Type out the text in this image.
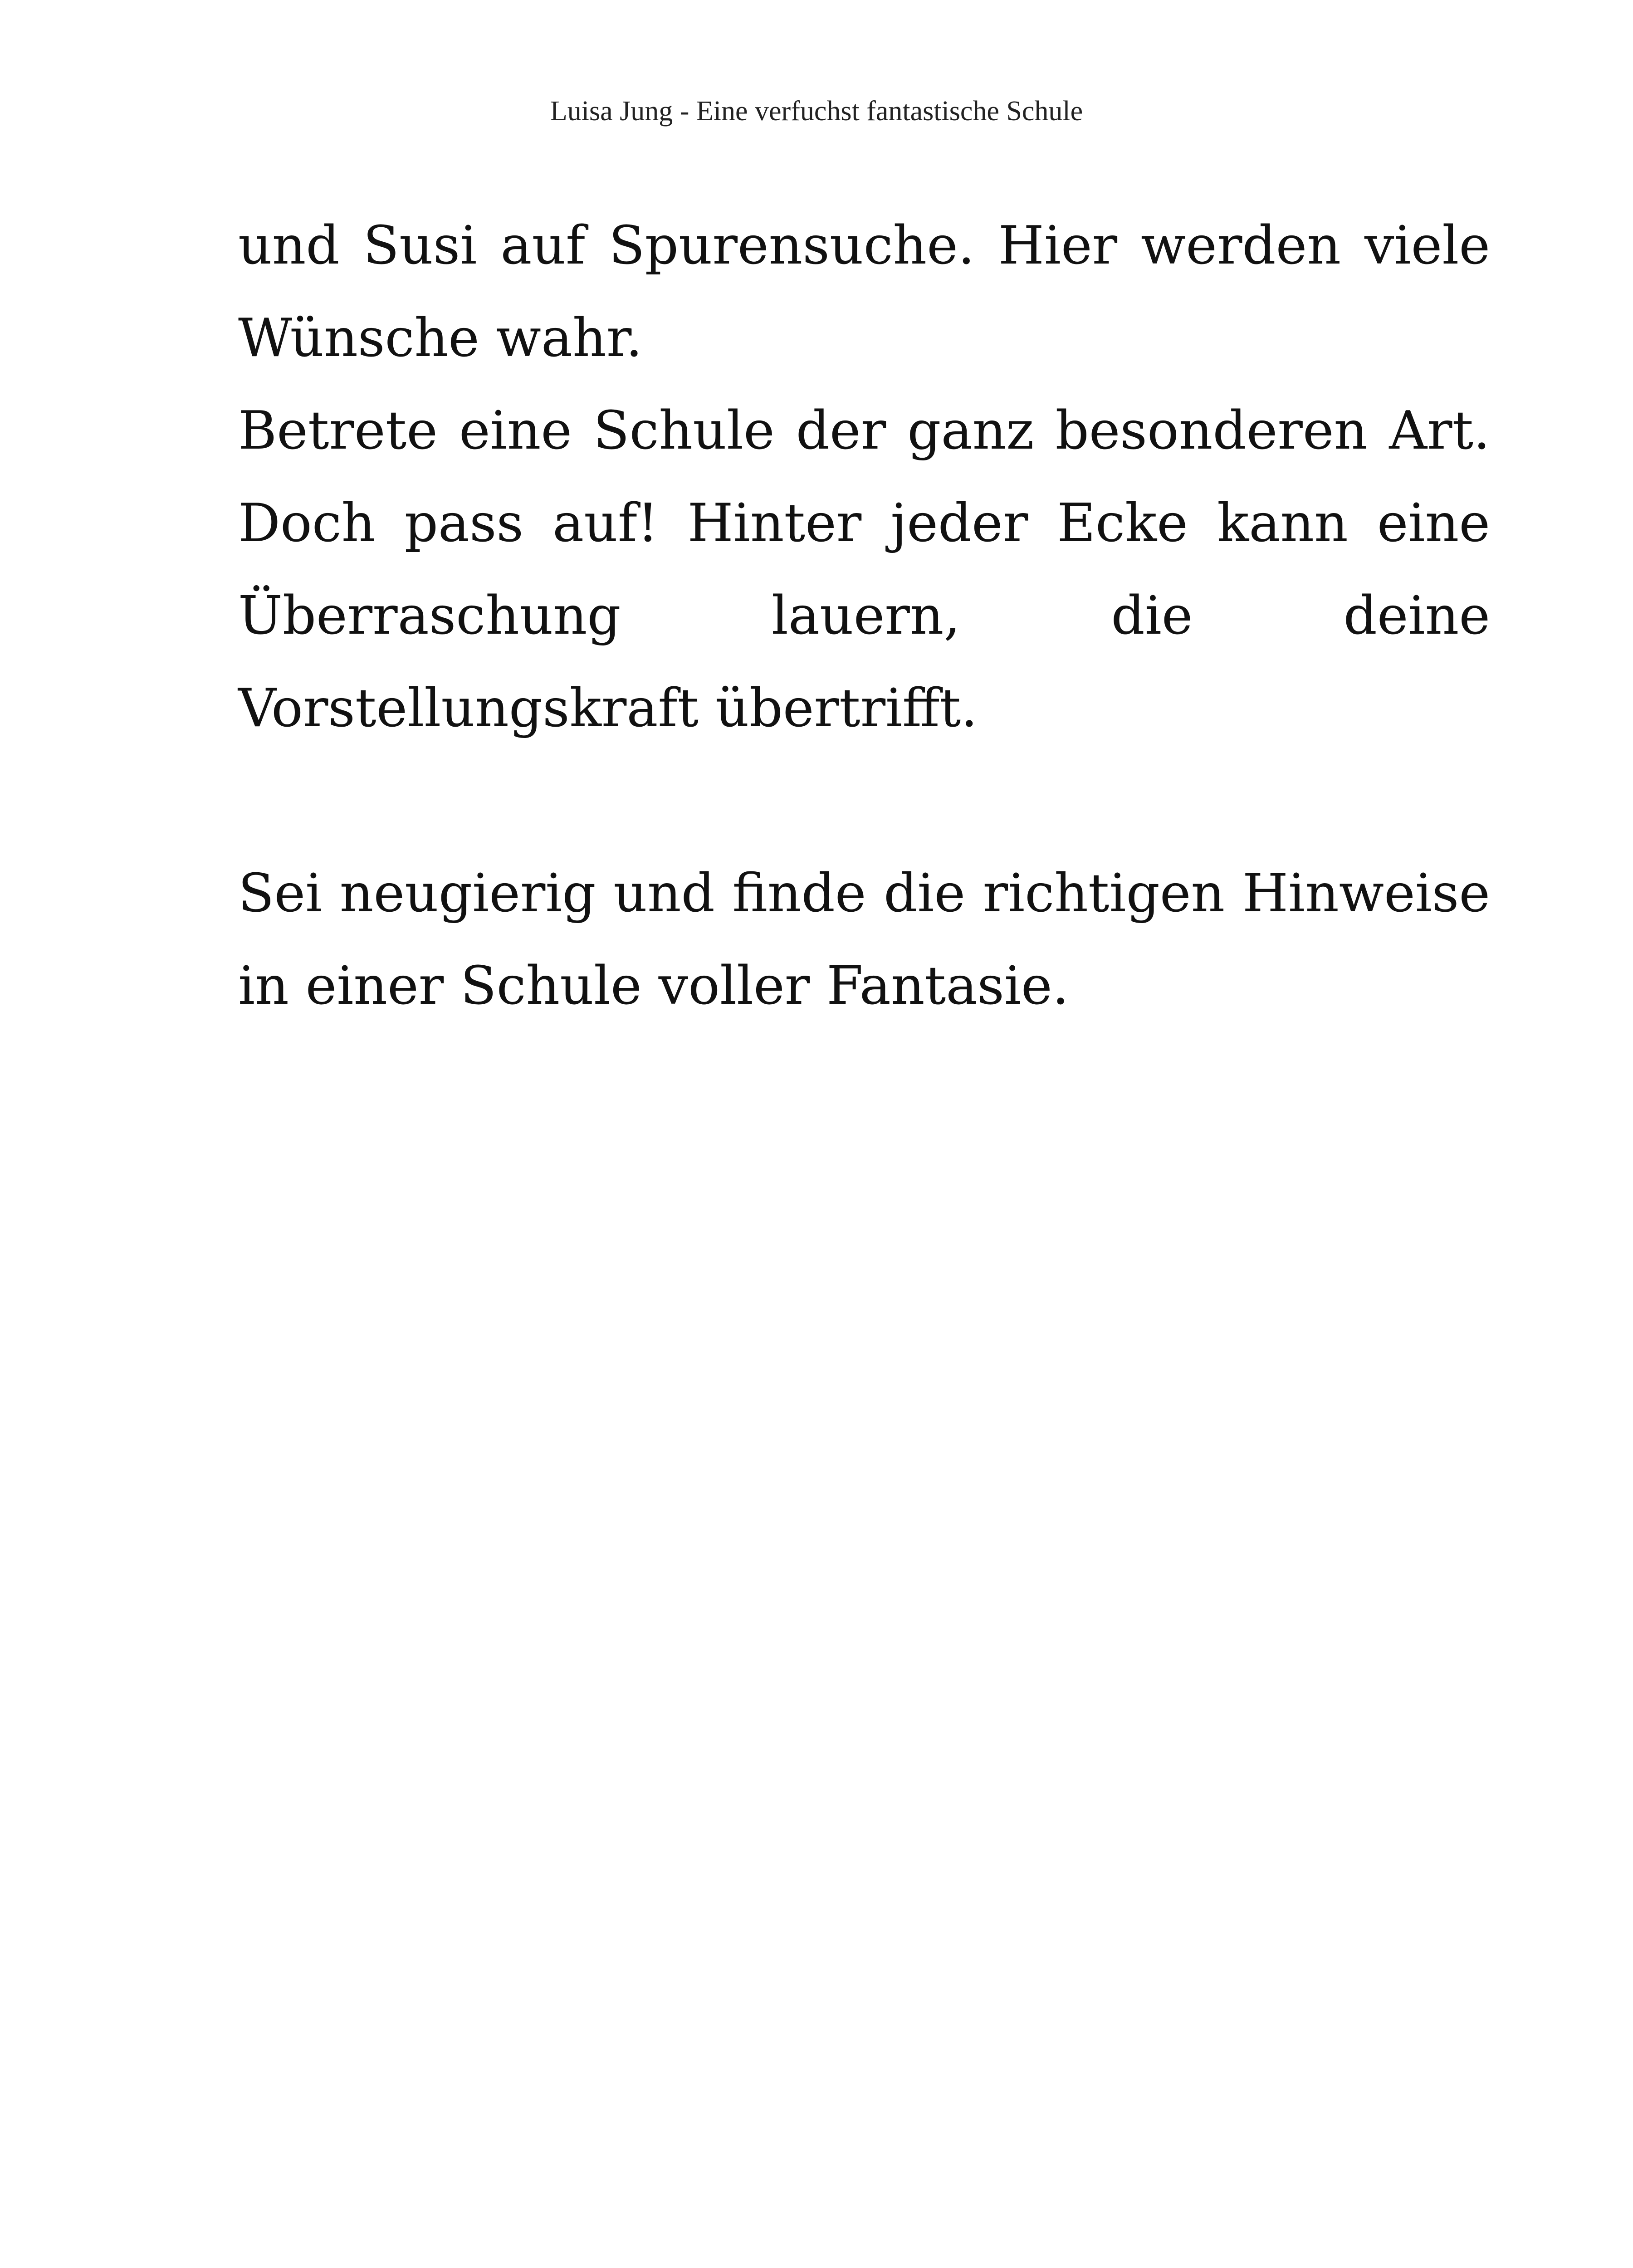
Luisa Jung - Eine verfuchst fantastische Schule

und Susi auf Spurensuche. Hier werden viele Wünsche wahr.

Betrete eine Schule der ganz besonderen Art. Doch pass auf! Hinter jeder Ecke kann eine Überraschung lauern, die deine Vorstellungskraft übertrifft.

Sei neugierig und finde die richtigen Hinweise in einer Schule voller Fantasie.
